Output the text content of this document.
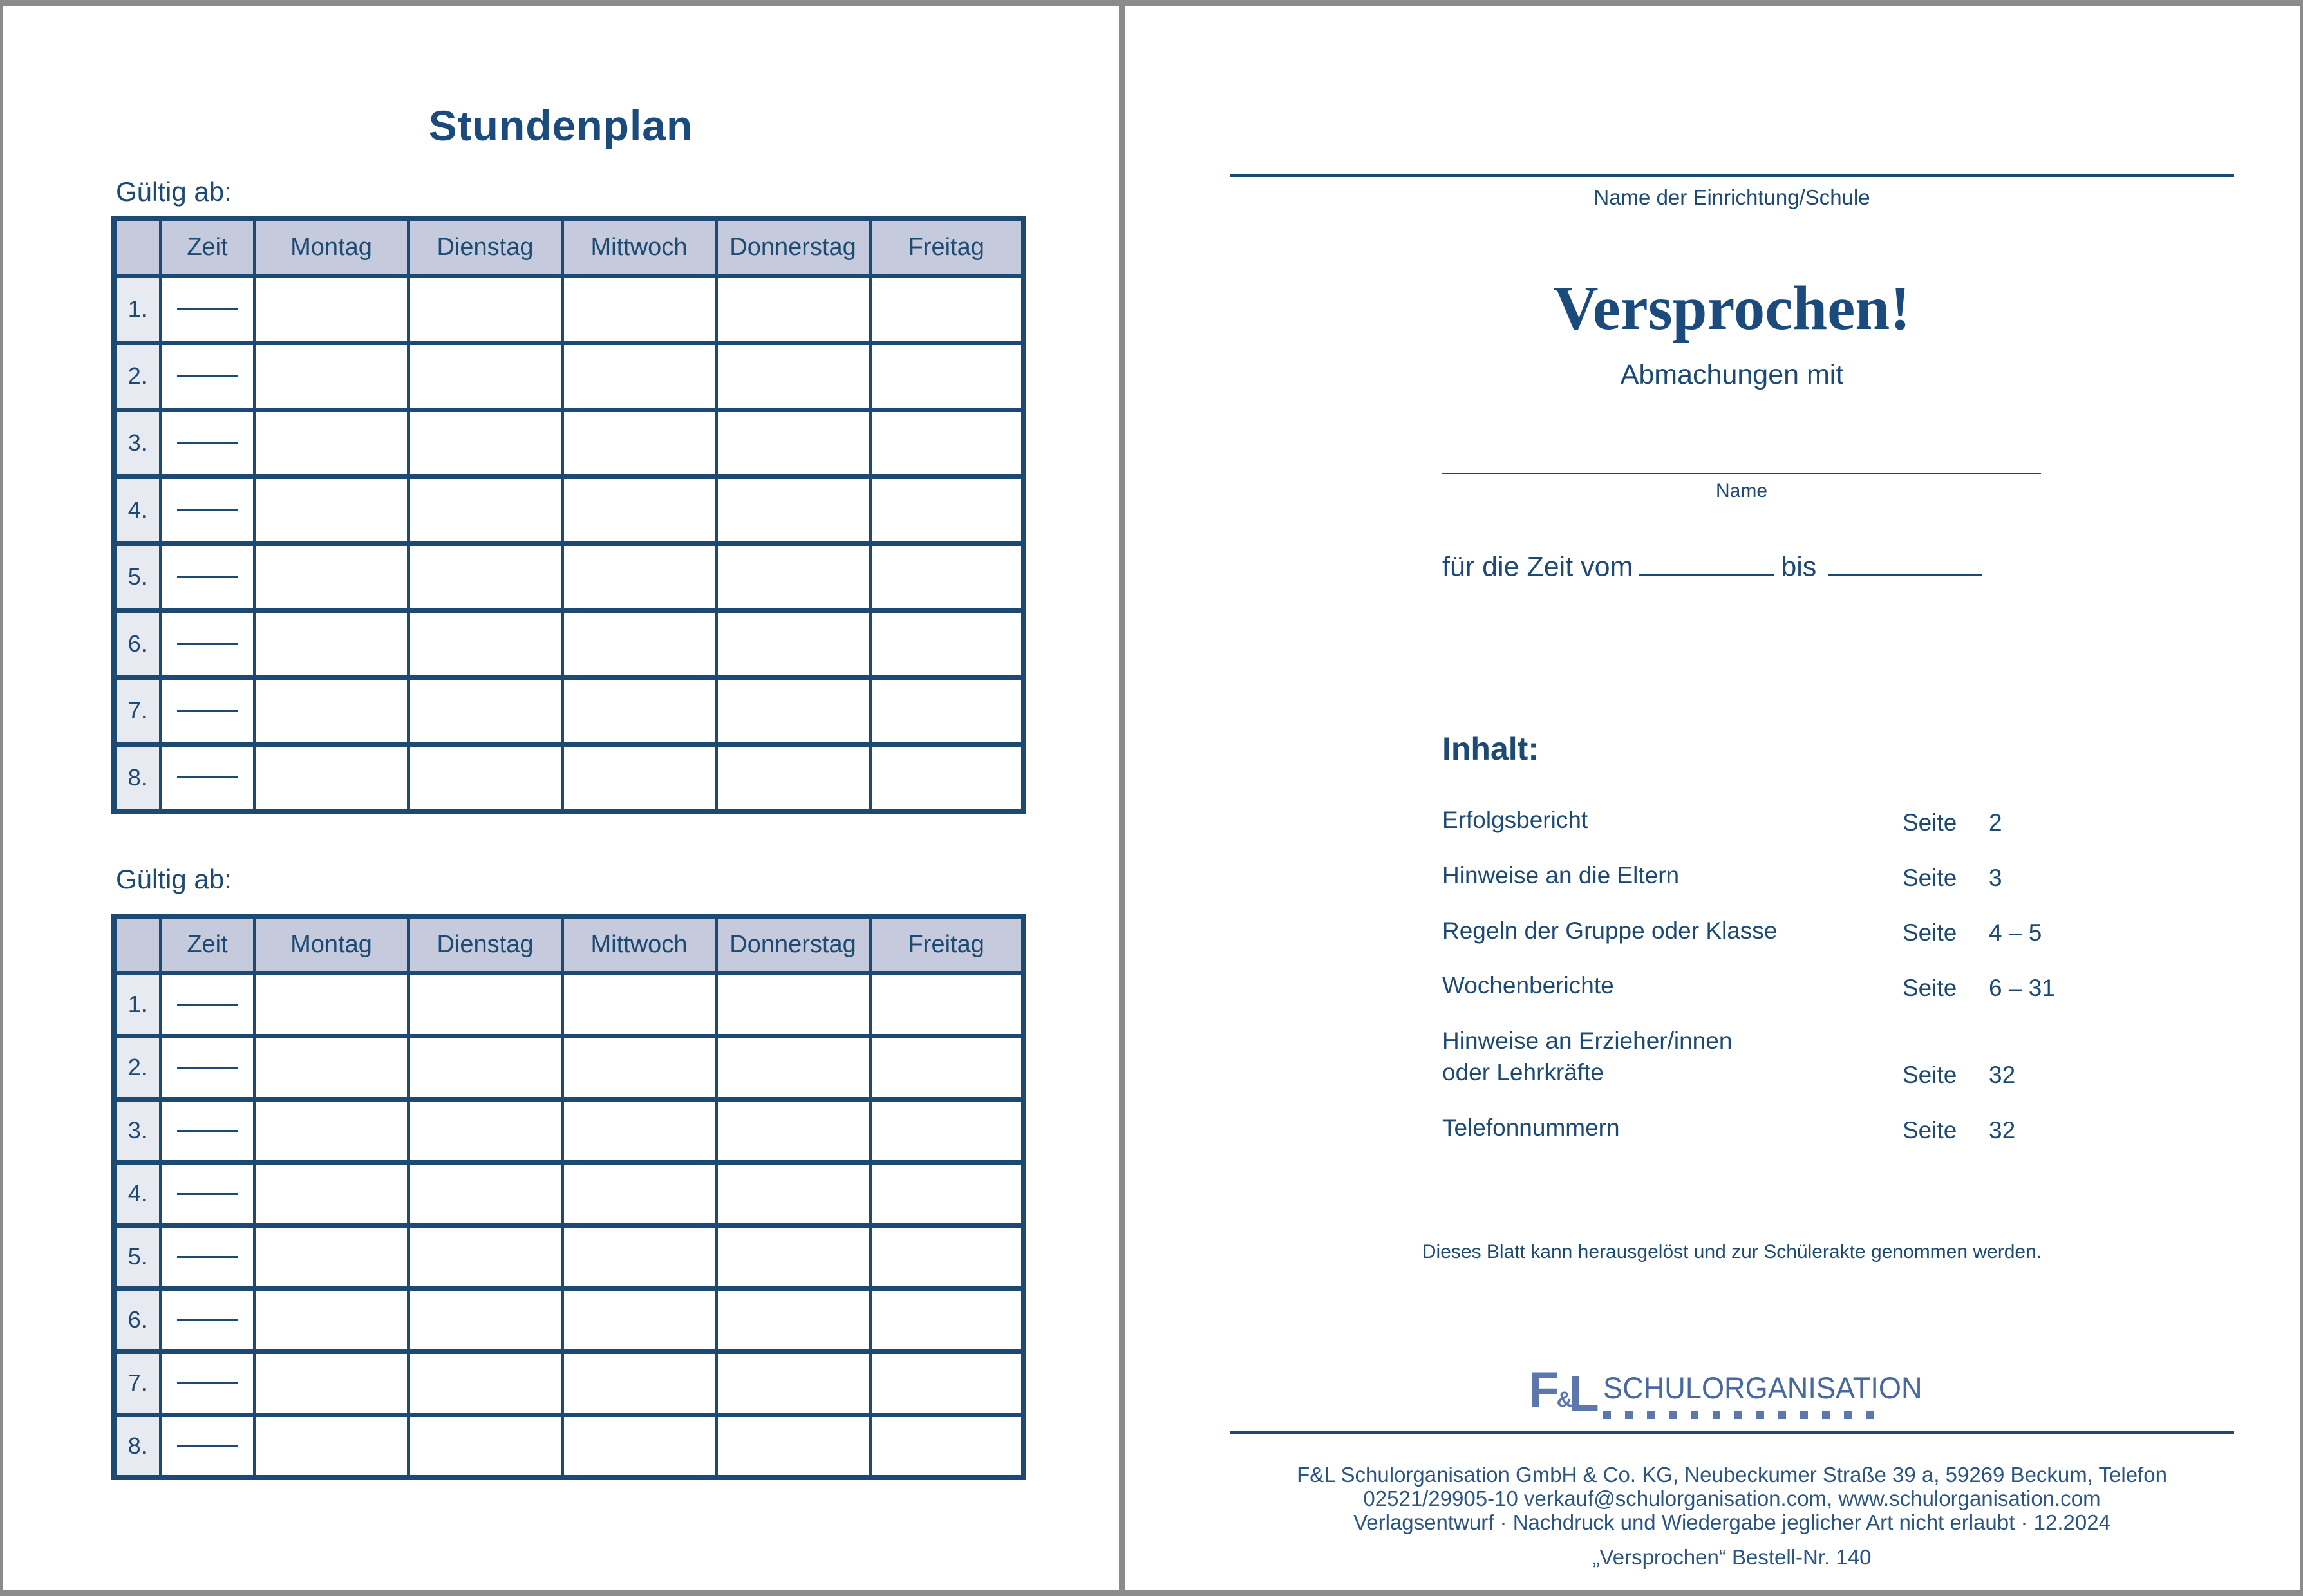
Stundenplan
Gültig ab:
	Zeit	Montag	Dienstag	Mittwoch	Donnerstag	Freitag
1.	

2.	

3.	

4.	

5.	

6.	

7.	

8.	

Gültig ab:
	Zeit	Montag	Dienstag	Mittwoch	Donnerstag	Freitag
1.	

2.	

3.	

4.	

5.	

6.	

7.	

8.	

Name der Einrichtung/Schule
Versprochen!
Abmachungen mit
Name
für die Zeit vom	bis
Inhalt:
Erfolgsbericht	Seite	2
Hinweise an die Eltern	Seite	3
Regeln der Gruppe oder Klasse	Seite	4 – 5
Wochenberichte	Seite	6 – 31
Hinweise an Erzieher/innen
oder Lehrkräfte	Seite	32
Telefonnummern	Seite	32
Dieses Blatt kann herausgelöst und zur Schülerakte genommen werden.
F
&
L SCHULORGANISATION
F&L Schulorganisation GmbH & Co. KG, Neubeckumer Straße 39 a, 59269 Beckum, Telefon
02521/29905-10 verkauf@schulorganisation.com, www.schulorganisation.com
Verlagsentwurf · Nachdruck und Wiedergabe jeglicher Art nicht erlaubt · 12.2024
„Versprochen“ Bestell-Nr. 140
